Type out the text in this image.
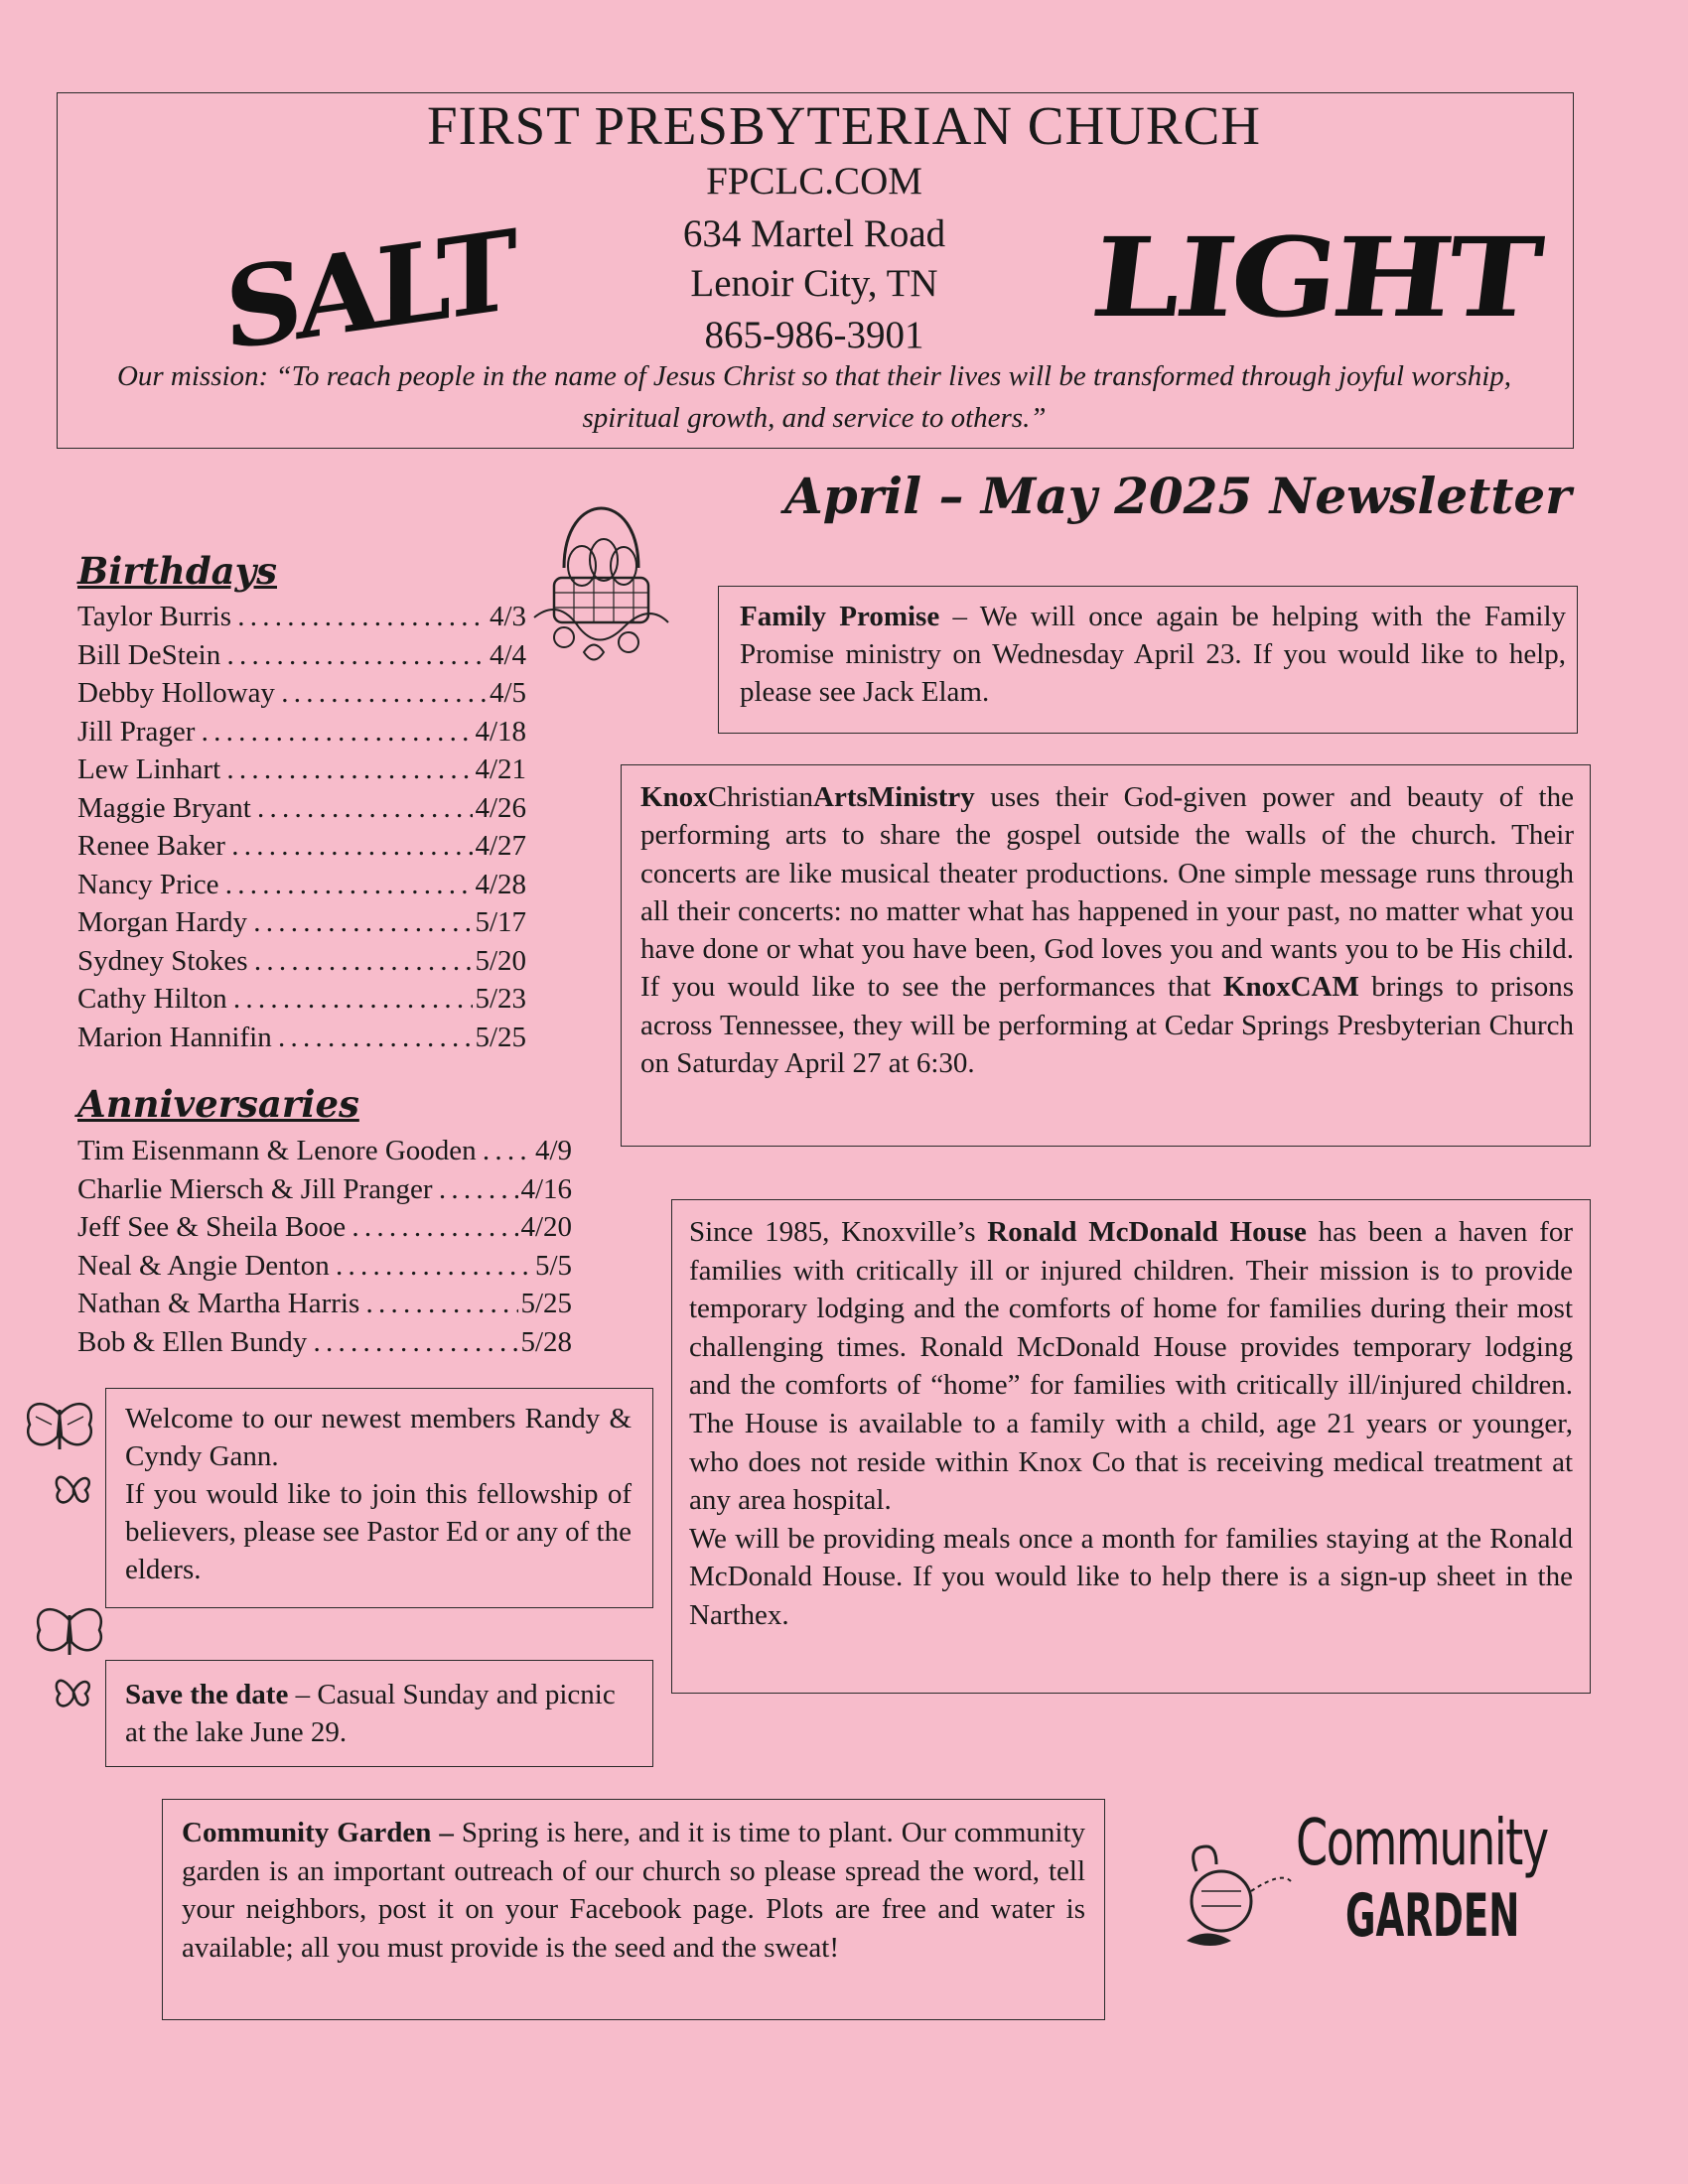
FIRST PRESBYTERIAN CHURCH
FPCLC.COM
634 Martel Road
Lenoir City, TN
865-986-3901
SALT	LIGHT
Our mission: “To reach people in the name of Jesus Christ so that their lives will be transformed through joyful worship, spiritual growth, and service to others.”
April – May 2025 Newsletter
Birthdays
Taylor Burris . . .	4/3
Bill DeStein . . .	4/4
Debby Holloway . . .	4/5
Jill Prager . . .	4/18
Lew Linhart . . .	4/21
Maggie Bryant . . .	4/26
Renee Baker . . .	4/27
Nancy Price . . .	4/28
Morgan Hardy . . .	5/17
Sydney Stokes . . .	5/20
Cathy Hilton . . .	5/23
Marion Hannifin . . .	5/25
Anniversaries
Tim Eisenmann & Lenore Gooden . . .	4/9
Charlie Miersch & Jill Pranger . . .	4/16
Jeff See & Sheila Booe . . .	4/20
Neal & Angie Denton . . .	5/5
Nathan & Martha Harris . . .	5/25
Bob & Ellen Bundy . . .	5/28
Family Promise – We will once again be helping with the Family Promise ministry on Wednesday April 23. If you would like to help, please see Jack Elam.
KnoxChristianArtsMinistry uses their God-given power and beauty of the performing arts to share the gospel outside the walls of the church. Their concerts are like musical theater productions. One simple message runs through all their concerts: no matter what has happened in your past, no matter what you have done or what you have been, God loves you and wants you to be His child. If you would like to see the performances that KnoxCAM brings to prisons across Tennessee, they will be performing at Cedar Springs Presbyterian Church on Saturday April 27 at 6:30.
Since 1985, Knoxville’s Ronald McDonald House has been a haven for families with critically ill or injured children. Their mission is to provide temporary lodging and the comforts of home for families during their most challenging times. Ronald McDonald House provides temporary lodging and the comforts of “home” for families with critically ill/injured children. The House is available to a family with a child, age 21 years or younger, who does not reside within Knox Co that is receiving medical treatment at any area hospital.
We will be providing meals once a month for families staying at the Ronald McDonald House. If you would like to help there is a sign-up sheet in the Narthex.
Welcome to our newest members Randy & Cyndy Gann.
If you would like to join this fellowship of believers, please see Pastor Ed or any of the elders.
Save the date – Casual Sunday and picnic at the lake June 29.
Community Garden – Spring is here, and it is time to plant. Our community garden is an important outreach of our church so please spread the word, tell your neighbors, post it on your Facebook page. Plots are free and water is available; all you must provide is the seed and the sweat!
Community
GARDEN
